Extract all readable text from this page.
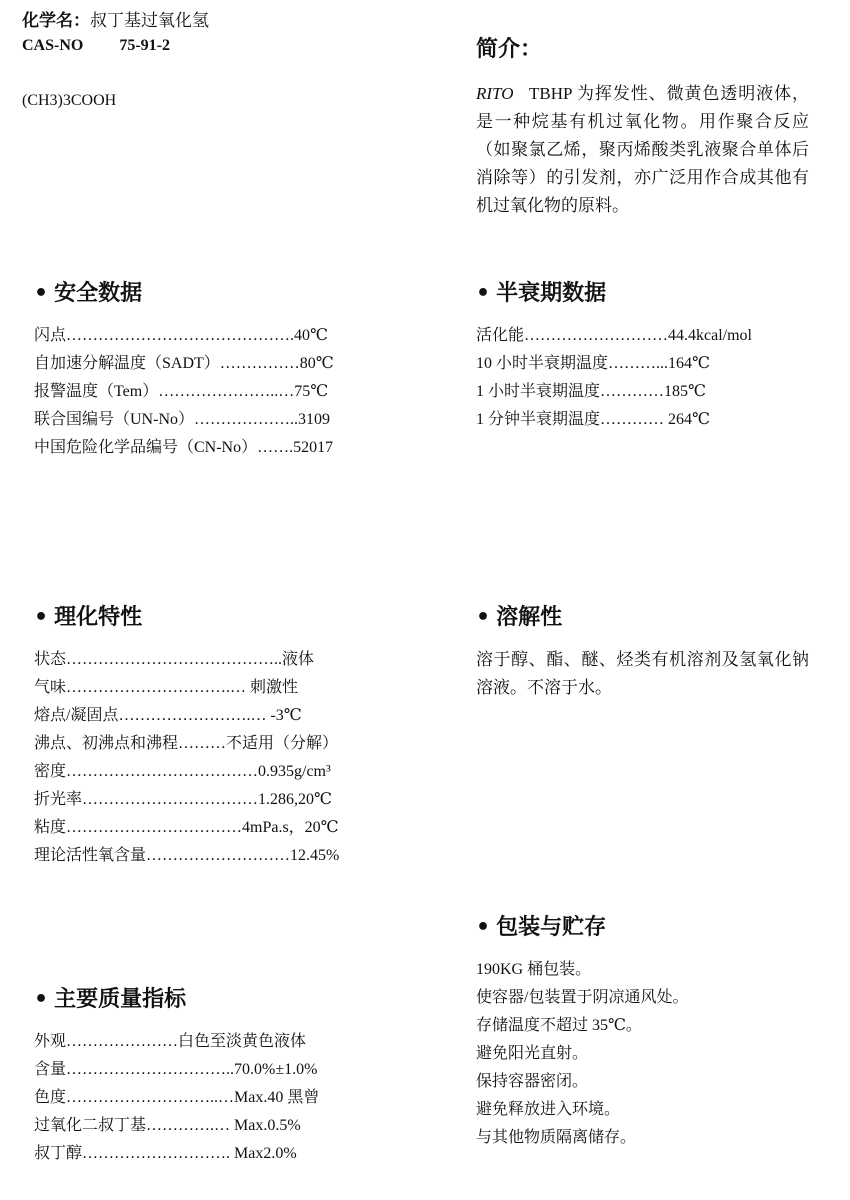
化学名：叔丁基过氧化氢
CAS-NO 75-91-2
(CH3)3COOH
简介：
RITO TBHP 为挥发性、微黄色透明液体，是一种烷基有机过氧化物。用作聚合反应（如聚氯乙烯，聚丙烯酸类乳液聚合单体后消除等）的引发剂，亦广泛用作合成其他有机过氧化物的原料。
• 安全数据
闪点…………………………………….40℃
自加速分解温度（SADT）……………80℃
报警温度（Tem）…………………..…75℃
联合国编号（UN-No）………………..3109
中国危险化学品编号（CN-No）…….52017
• 半衰期数据
活化能………………………44.4kcal/mol
10 小时半衰期温度………...164℃
1 小时半衰期温度…………185℃
1 分钟半衰期温度………… 264℃
• 理化特性
状态…………………………………..液体
气味………………………….… 刺激性
熔点/凝固点…………………….… -3℃
沸点、初沸点和沸程………不适用（分解）
密度………………………………0.935g/cm³
折光率……………………………1.286,20℃
粘度……………………………4mPa.s，20℃
理论活性氧含量………………………12.45%
• 溶解性
溶于醇、酯、醚、烃类有机溶剂及氢氧化钠溶液。不溶于水。
• 包装与贮存
190KG 桶包装。
使容器/包装置于阴凉通风处。
存储温度不超过 35℃。
避免阳光直射。
保持容器密闭。
避免释放进入环境。
与其他物质隔离储存。
• 主要质量指标
外观…………………白色至淡黄色液体
含量…………………………..70.0%±1.0%
色度………………………..…Max.40 黑曾
过氧化二叔丁基………….… Max.0.5%
叔丁醇………………………. Max2.0%
